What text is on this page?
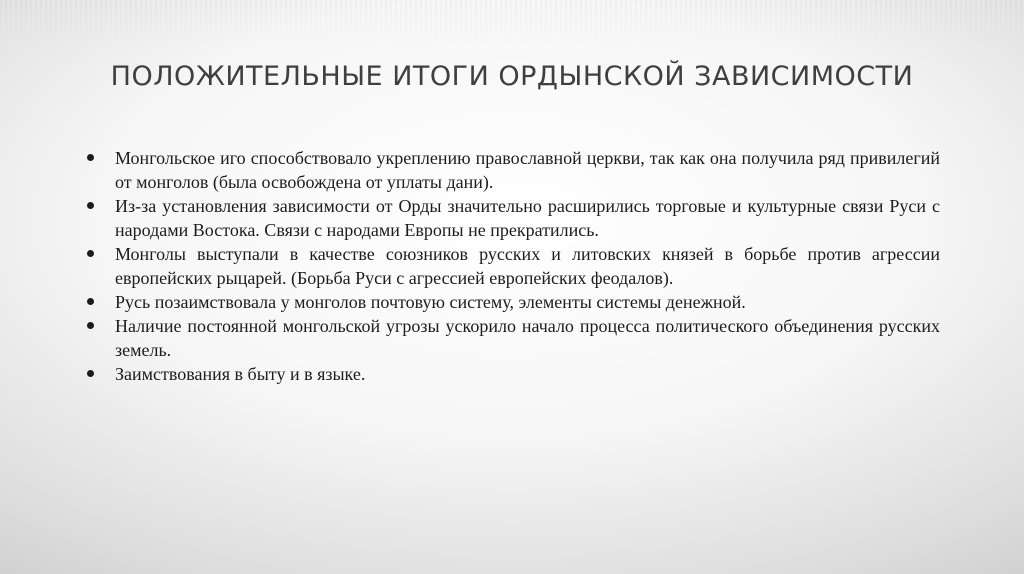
ПОЛОЖИТЕЛЬНЫЕ ИТОГИ ОРДЫНСКОЙ ЗАВИСИМОСТИ
Монгольское иго способствовало укреплению православной церкви, так как она получила ряд привилегий от монголов (была освобождена от уплаты дани).
Из-за установления зависимости от Орды значительно расширились торговые и культурные связи Руси с народами Востока. Связи с народами Европы не прекратились.
Монголы выступали в качестве союзников русских и литовских князей в борьбе против агрессии европейских рыцарей. (Борьба Руси с агрессией европейских феодалов).
Русь позаимствовала у монголов почтовую систему, элементы системы денежной.
Наличие постоянной монгольской угрозы ускорило начало процесса политического объединения русских земель.
Заимствования в быту и в языке.
